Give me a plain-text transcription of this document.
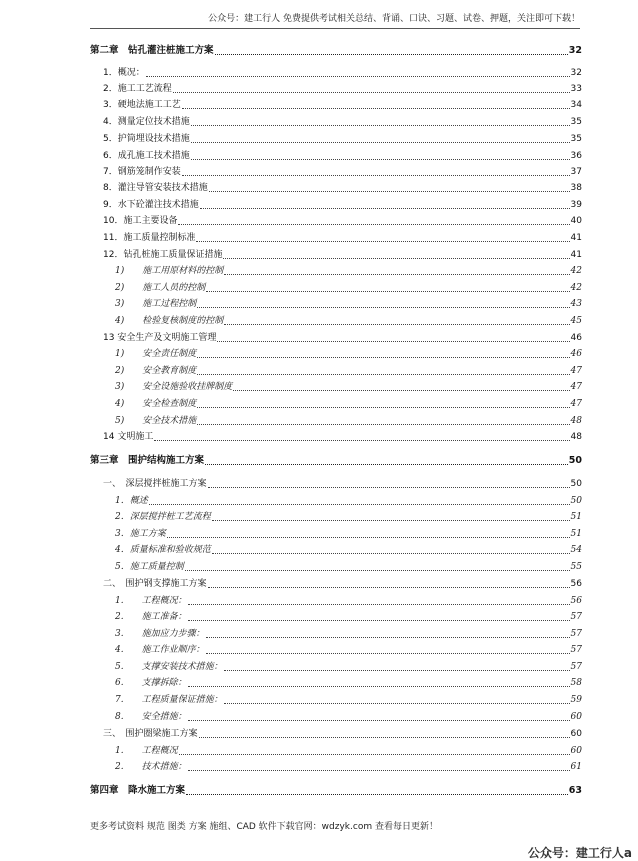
公众号：建工行人 免费提供考试相关总结、背诵、口诀、习题、试卷、押题，关注即可下载！
第二章　钻孔灌注桩施工方案	32
1．概况：	32
2．施工工艺流程	33
3．硬地法施工工艺	34
4．测量定位技术措施	35
5．护筒埋设技术措施	35
6．成孔施工技术措施	36
7．钢筋笼制作安装	37
8．灌注导管安装技术措施	38
9．水下砼灌注技术措施	39
10．施工主要设备	40
11．施工质量控制标准	41
12．钻孔桩施工质量保证措施	41
1)　　施工用原材料的控制	42
2)　　施工人员的控制	42
3)　　施工过程控制	43
4)　　检验复核制度的控制	45
13 安全生产及文明施工管理	46
1)　　安全责任制度	46
2)　　安全教育制度	47
3)　　安全设施验收挂牌制度	47
4)　　安全检查制度	47
5)　　安全技术措施	48
14 文明施工	48
第三章　围护结构施工方案	50
一、　深层搅拌桩施工方案	50
1．概述	50
2．深层搅拌桩工艺流程	51
3．施工方案	51
4．质量标准和验收规范	54
5．施工质量控制	55
二、　围护钢支撑施工方案	56
1.　　工程概况：	56
2.　　施工准备：	57
3.　　施加应力步骤：	57
4.　　施工作业顺序：	57
5.　　支撑安装技术措施：	57
6.　　支撑拆除：	58
7.　　工程质量保证措施：	59
8.　　安全措施：	60
三、　围护圈梁施工方案	60
1.　　工程概况	60
2.　　技术措施：	61
第四章　降水施工方案	63
更多考试资料 规范 图类 方案 施组、CAD 软件下载官网：wdzyk.com 查看每日更新！
公众号：建工行人a
